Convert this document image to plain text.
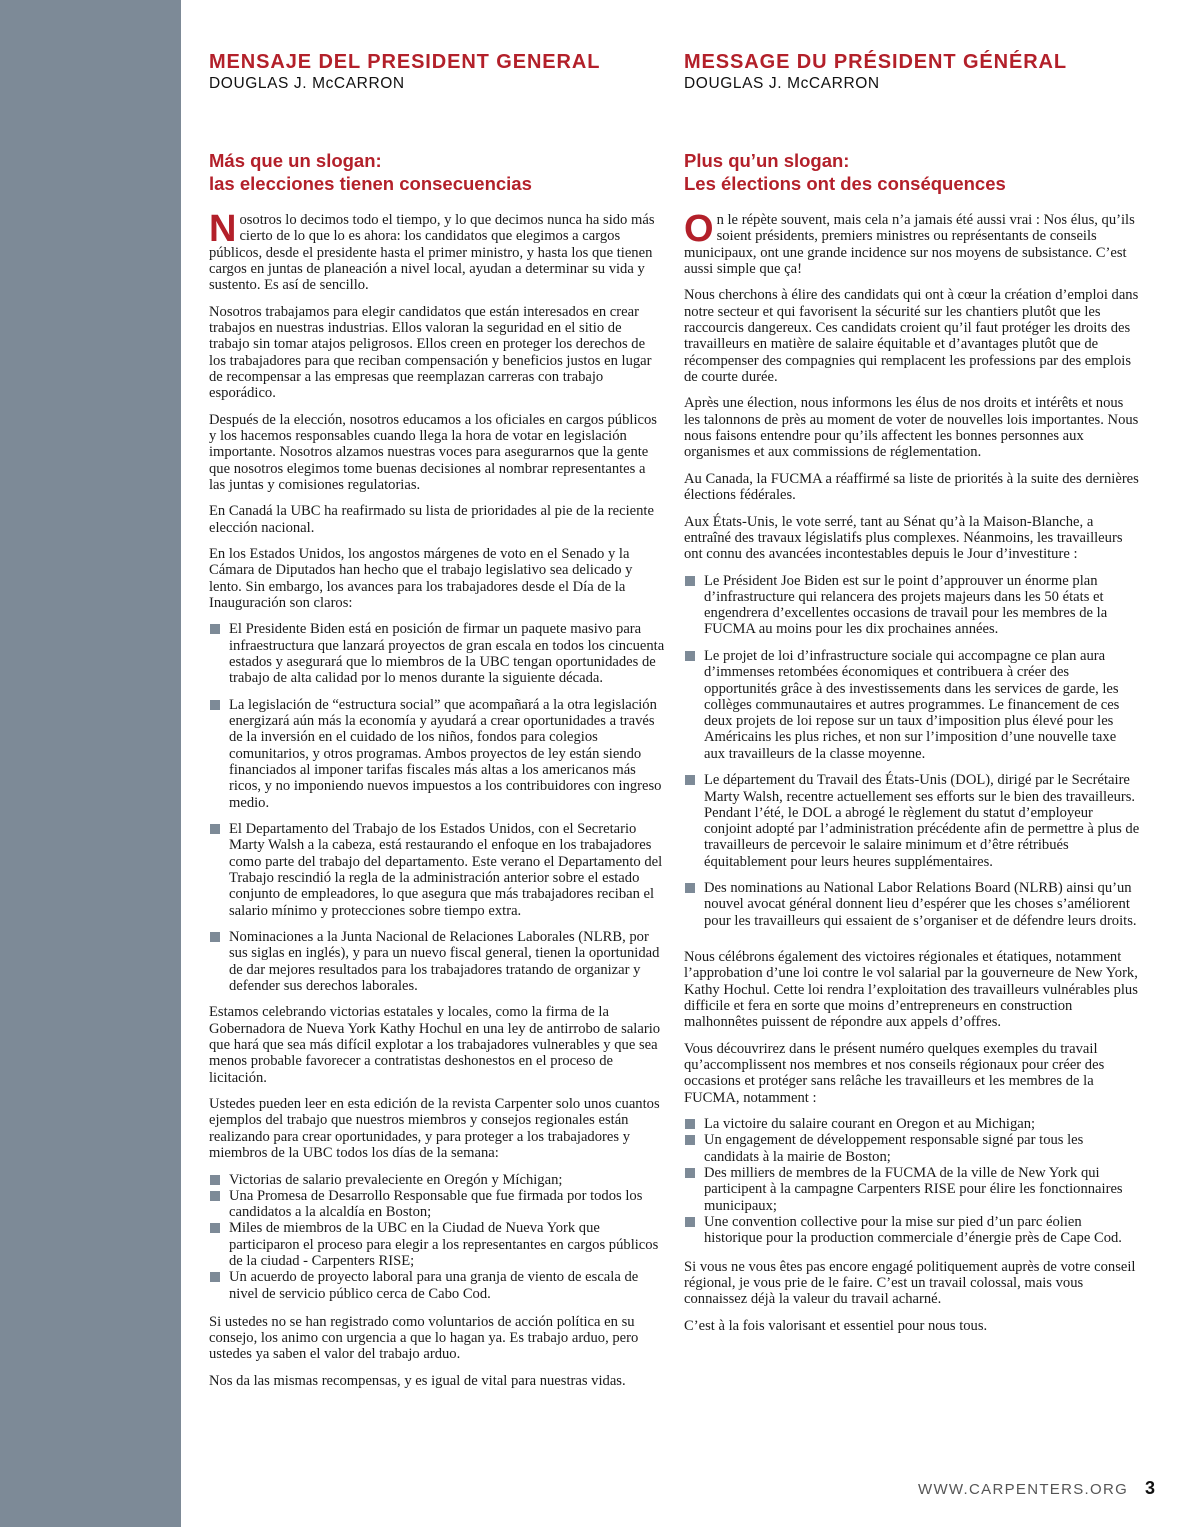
MENSAJE DEL PRESIDENT GENERAL

DOUGLAS J. McCARRON

Más que un slogan:
las elecciones tienen consecuencias

Nosotros lo decimos todo el tiempo, y lo que decimos nunca ha sido más cierto de lo que lo es ahora: los candidatos que elegimos a cargos públicos, desde el presidente hasta el primer ministro, y hasta los que tienen cargos en juntas de planeación a nivel local, ayudan a determinar su vida y sustento. Es así de sencillo.

Nosotros trabajamos para elegir candidatos que están interesados en crear trabajos en nuestras industrias. Ellos valoran la seguridad en el sitio de trabajo sin tomar atajos peligrosos. Ellos creen en proteger los derechos de los trabajadores para que reciban compensación y beneficios justos en lugar de recompensar a las empresas que reemplazan carreras con trabajo esporádico.

Después de la elección, nosotros educamos a los oficiales en cargos públicos y los hacemos responsables cuando llega la hora de votar en legislación importante. Nosotros alzamos nuestras voces para asegurarnos que la gente que nosotros elegimos tome buenas decisiones al nombrar representantes a las juntas y comisiones regulatorias.

En Canadá la UBC ha reafirmado su lista de prioridades al pie de la reciente elección nacional.

En los Estados Unidos, los angostos márgenes de voto en el Senado y la Cámara de Diputados han hecho que el trabajo legislativo sea delicado y lento. Sin embargo, los avances para los trabajadores desde el Día de la Inauguración son claros:

El Presidente Biden está en posición de firmar un paquete masivo para infraestructura que lanzará proyectos de gran escala en todos los cincuenta estados y asegurará que lo miembros de la UBC tengan oportunidades de trabajo de alta calidad por lo menos durante la siguiente década.
La legislación de “estructura social” que acompañará a la otra legislación energizará aún más la economía y ayudará a crear oportunidades a través de la inversión en el cuidado de los niños, fondos para colegios comunitarios, y otros programas. Ambos proyectos de ley están siendo financiados al imponer tarifas fiscales más altas a los americanos más ricos, y no imponiendo nuevos impuestos a los contribuidores con ingreso medio.
El Departamento del Trabajo de los Estados Unidos, con el Secretario Marty Walsh a la cabeza, está restaurando el enfoque en los trabajadores como parte del trabajo del departamento. Este verano el Departamento del Trabajo rescindió la regla de la administración anterior sobre el estado conjunto de empleadores, lo que asegura que más trabajadores reciban el salario mínimo y protecciones sobre tiempo extra.
Nominaciones a la Junta Nacional de Relaciones Laborales (NLRB, por sus siglas en inglés), y para un nuevo fiscal general, tienen la oportunidad de dar mejores resultados para los trabajadores tratando de organizar y defender sus derechos laborales.

Estamos celebrando victorias estatales y locales, como la firma de la Gobernadora de Nueva York Kathy Hochul en una ley de antirrobo de salario que hará que sea más difícil explotar a los trabajadores vulnerables y que sea menos probable favorecer a contratistas deshonestos en el proceso de licitación.

Ustedes pueden leer en esta edición de la revista Carpenter solo unos cuantos ejemplos del trabajo que nuestros miembros y consejos regionales están realizando para crear oportunidades, y para proteger a los trabajadores y miembros de la UBC todos los días de la semana:

Victorias de salario prevaleciente en Oregón y Míchigan;
Una Promesa de Desarrollo Responsable que fue firmada por todos los candidatos a la alcaldía en Boston;
Miles de miembros de la UBC en la Ciudad de Nueva York que participaron el proceso para elegir a los representantes en cargos públicos de la ciudad - Carpenters RISE;
Un acuerdo de proyecto laboral para una granja de viento de escala de nivel de servicio público cerca de Cabo Cod.

Si ustedes no se han registrado como voluntarios de acción política en su consejo, los animo con urgencia a que lo hagan ya. Es trabajo arduo, pero ustedes ya saben el valor del trabajo arduo.

Nos da las mismas recompensas, y es igual de vital para nuestras vidas.

MESSAGE DU PRÉSIDENT GÉNÉRAL

DOUGLAS J. McCARRON

Plus qu’un slogan:
Les élections ont des conséquences

On le répète souvent, mais cela n’a jamais été aussi vrai : Nos élus, qu’ils soient présidents, premiers ministres ou représentants de conseils municipaux, ont une grande incidence sur nos moyens de subsistance. C’est aussi simple que ça!

Nous cherchons à élire des candidats qui ont à cœur la création d’emploi dans notre secteur et qui favorisent la sécurité sur les chantiers plutôt que les raccourcis dangereux. Ces candidats croient qu’il faut protéger les droits des travailleurs en matière de salaire équitable et d’avantages plutôt que de récompenser des compagnies qui remplacent les professions par des emplois de courte durée.

Après une élection, nous informons les élus de nos droits et intérêts et nous les talonnons de près au moment de voter de nouvelles lois importantes. Nous nous faisons entendre pour qu’ils affectent les bonnes personnes aux organismes et aux commissions de réglementation.

Au Canada, la FUCMA a réaffirmé sa liste de priorités à la suite des dernières élections fédérales.

Aux États-Unis, le vote serré, tant au Sénat qu’à la Maison-Blanche, a entraîné des travaux législatifs plus complexes. Néanmoins, les travailleurs ont connu des avancées incontestables depuis le Jour d’investiture :

Le Président Joe Biden est sur le point d’approuver un énorme plan d’infrastructure qui relancera des projets majeurs dans les 50 états et engendrera d’excellentes occasions de travail pour les membres de la FUCMA au moins pour les dix prochaines années.
Le projet de loi d’infrastructure sociale qui accompagne ce plan aura d’immenses retombées économiques et contribuera à créer des opportunités grâce à des investissements dans les services de garde, les collèges communautaires et autres programmes. Le financement de ces deux projets de loi repose sur un taux d’imposition plus élevé pour les Américains les plus riches, et non sur l’imposition d’une nouvelle taxe aux travailleurs de la classe moyenne.
Le département du Travail des États-Unis (DOL), dirigé par le Secrétaire Marty Walsh, recentre actuellement ses efforts sur le bien des travailleurs. Pendant l’été, le DOL a abrogé le règlement du statut d’employeur conjoint adopté par l’administration précédente afin de permettre à plus de travailleurs de percevoir le salaire minimum et d’être rétribués équitablement pour leurs heures supplémentaires.
Des nominations au National Labor Relations Board (NLRB) ainsi qu’un nouvel avocat général donnent lieu d’espérer que les choses s’améliorent pour les travailleurs qui essaient de s’organiser et de défendre leurs droits.

Nous célébrons également des victoires régionales et étatiques, notamment l’approbation d’une loi contre le vol salarial par la gouverneure de New York, Kathy Hochul. Cette loi rendra l’exploitation des travailleurs vulnérables plus difficile et fera en sorte que moins d’entrepreneurs en construction malhonnêtes puissent de répondre aux appels d’offres.

Vous découvrirez dans le présent numéro quelques exemples du travail qu’accomplissent nos membres et nos conseils régionaux pour créer des occasions et protéger sans relâche les travailleurs et les membres de la FUCMA, notamment :

La victoire du salaire courant en Oregon et au Michigan;
Un engagement de développement responsable signé par tous les candidats à la mairie de Boston;
Des milliers de membres de la FUCMA de la ville de New York qui participent à la campagne Carpenters RISE pour élire les fonctionnaires municipaux;
Une convention collective pour la mise sur pied d’un parc éolien historique pour la production commerciale d’énergie près de Cape Cod.

Si vous ne vous êtes pas encore engagé politiquement auprès de votre conseil régional, je vous prie de le faire. C’est un travail colossal, mais vous connaissez déjà la valeur du travail acharné.

C’est à la fois valorisant et essentiel pour nous tous.

WWW.CARPENTERS.ORG 3
